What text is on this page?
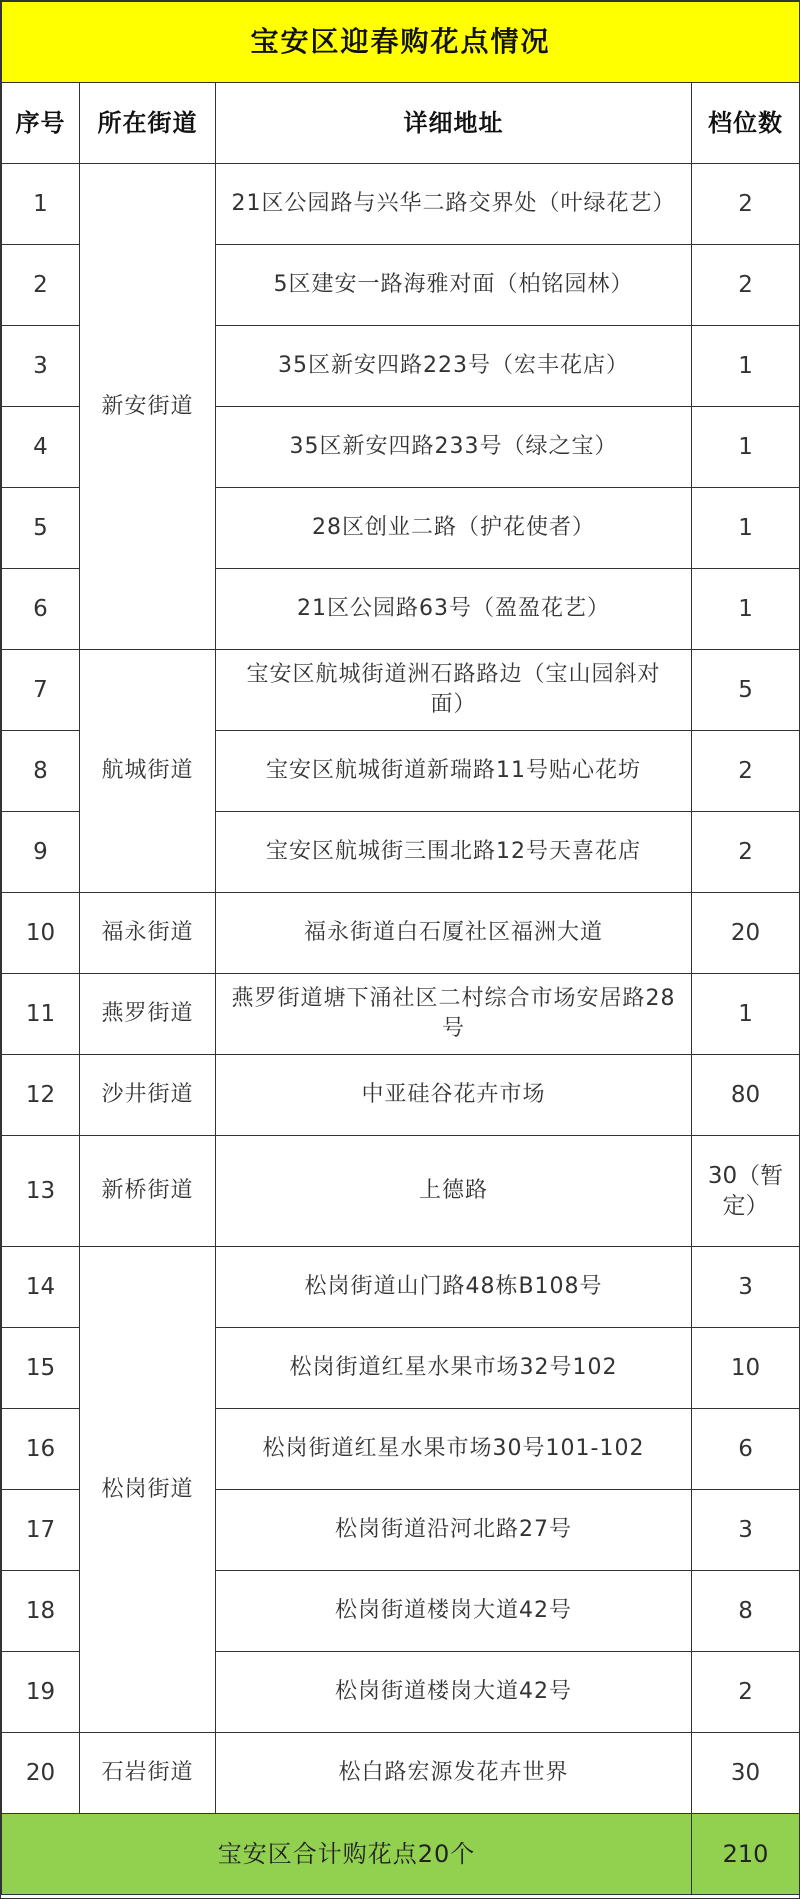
宝安区迎春购花点情况			
序号	所在街道	详细地址	档位数
1	新安街道	21区公园路与兴华二路交界处（叶绿花艺）	2
2		5区建安一路海雅对面（柏铭园林）	2
3		35区新安四路223号（宏丰花店）	1
4		35区新安四路233号（绿之宝）	1
5		28区创业二路（护花使者）	1
6		21区公园路63号（盈盈花艺）	1
7	航城街道	宝安区航城街道洲石路路边（宝山园斜对面）	5
8		宝安区航城街道新瑞路11号贴心花坊	2
9		宝安区航城街三围北路12号天喜花店	2
10	福永街道	福永街道白石厦社区福洲大道	20
11	燕罗街道	燕罗街道塘下涌社区二村综合市场安居路28号	1
12	沙井街道	中亚硅谷花卉市场	80
13	新桥街道	上德路	30（暂定）
14	松岗街道	松岗街道山门路48栋B108号	3
15		松岗街道红星水果市场32号102	10
16		松岗街道红星水果市场30号101-102	6
17		松岗街道沿河北路27号	3
18		松岗街道楼岗大道42号	8
19		松岗街道楼岗大道42号	2
20	石岩街道	松白路宏源发花卉世界	30
宝安区合计购花点20个			210
